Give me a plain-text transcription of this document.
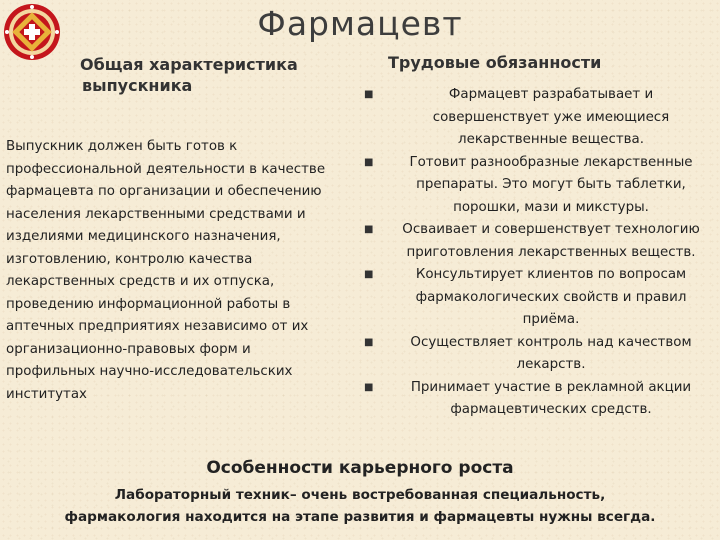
Фармацевт
Общая характеристика
выпускника
Выпускник должен быть готов к профессиональной деятельности в качестве фармацевта по организации и обеспечению населения лекарственными средствами и изделиями медицинского назначения, изготовлению, контролю качества лекарственных средств и их отпуска, проведению информационной работы в аптечных предприятиях независимо от их организационно-правовых форм и профильных научно-исследовательских институтах
Трудовые обязанности
■	Фармацевт разрабатывает и совершенствует уже имеющиеся лекарственные вещества.
■	Готовит разнообразные лекарственные препараты. Это могут быть таблетки, порошки, мази и микстуры.
■	Осваивает и совершенствует технологию приготовления лекарственных веществ.
■	Консультирует клиентов по вопросам фармакологических свойств и правил приёма.
■	Осуществляет контроль над качеством лекарств.
■	Принимает участие в рекламной акции фармацевтических средств.
Особенности карьерного роста
Лабораторный техник– очень востребованная специальность,
фармакология находится на этапе развития и фармацевты нужны всегда.
